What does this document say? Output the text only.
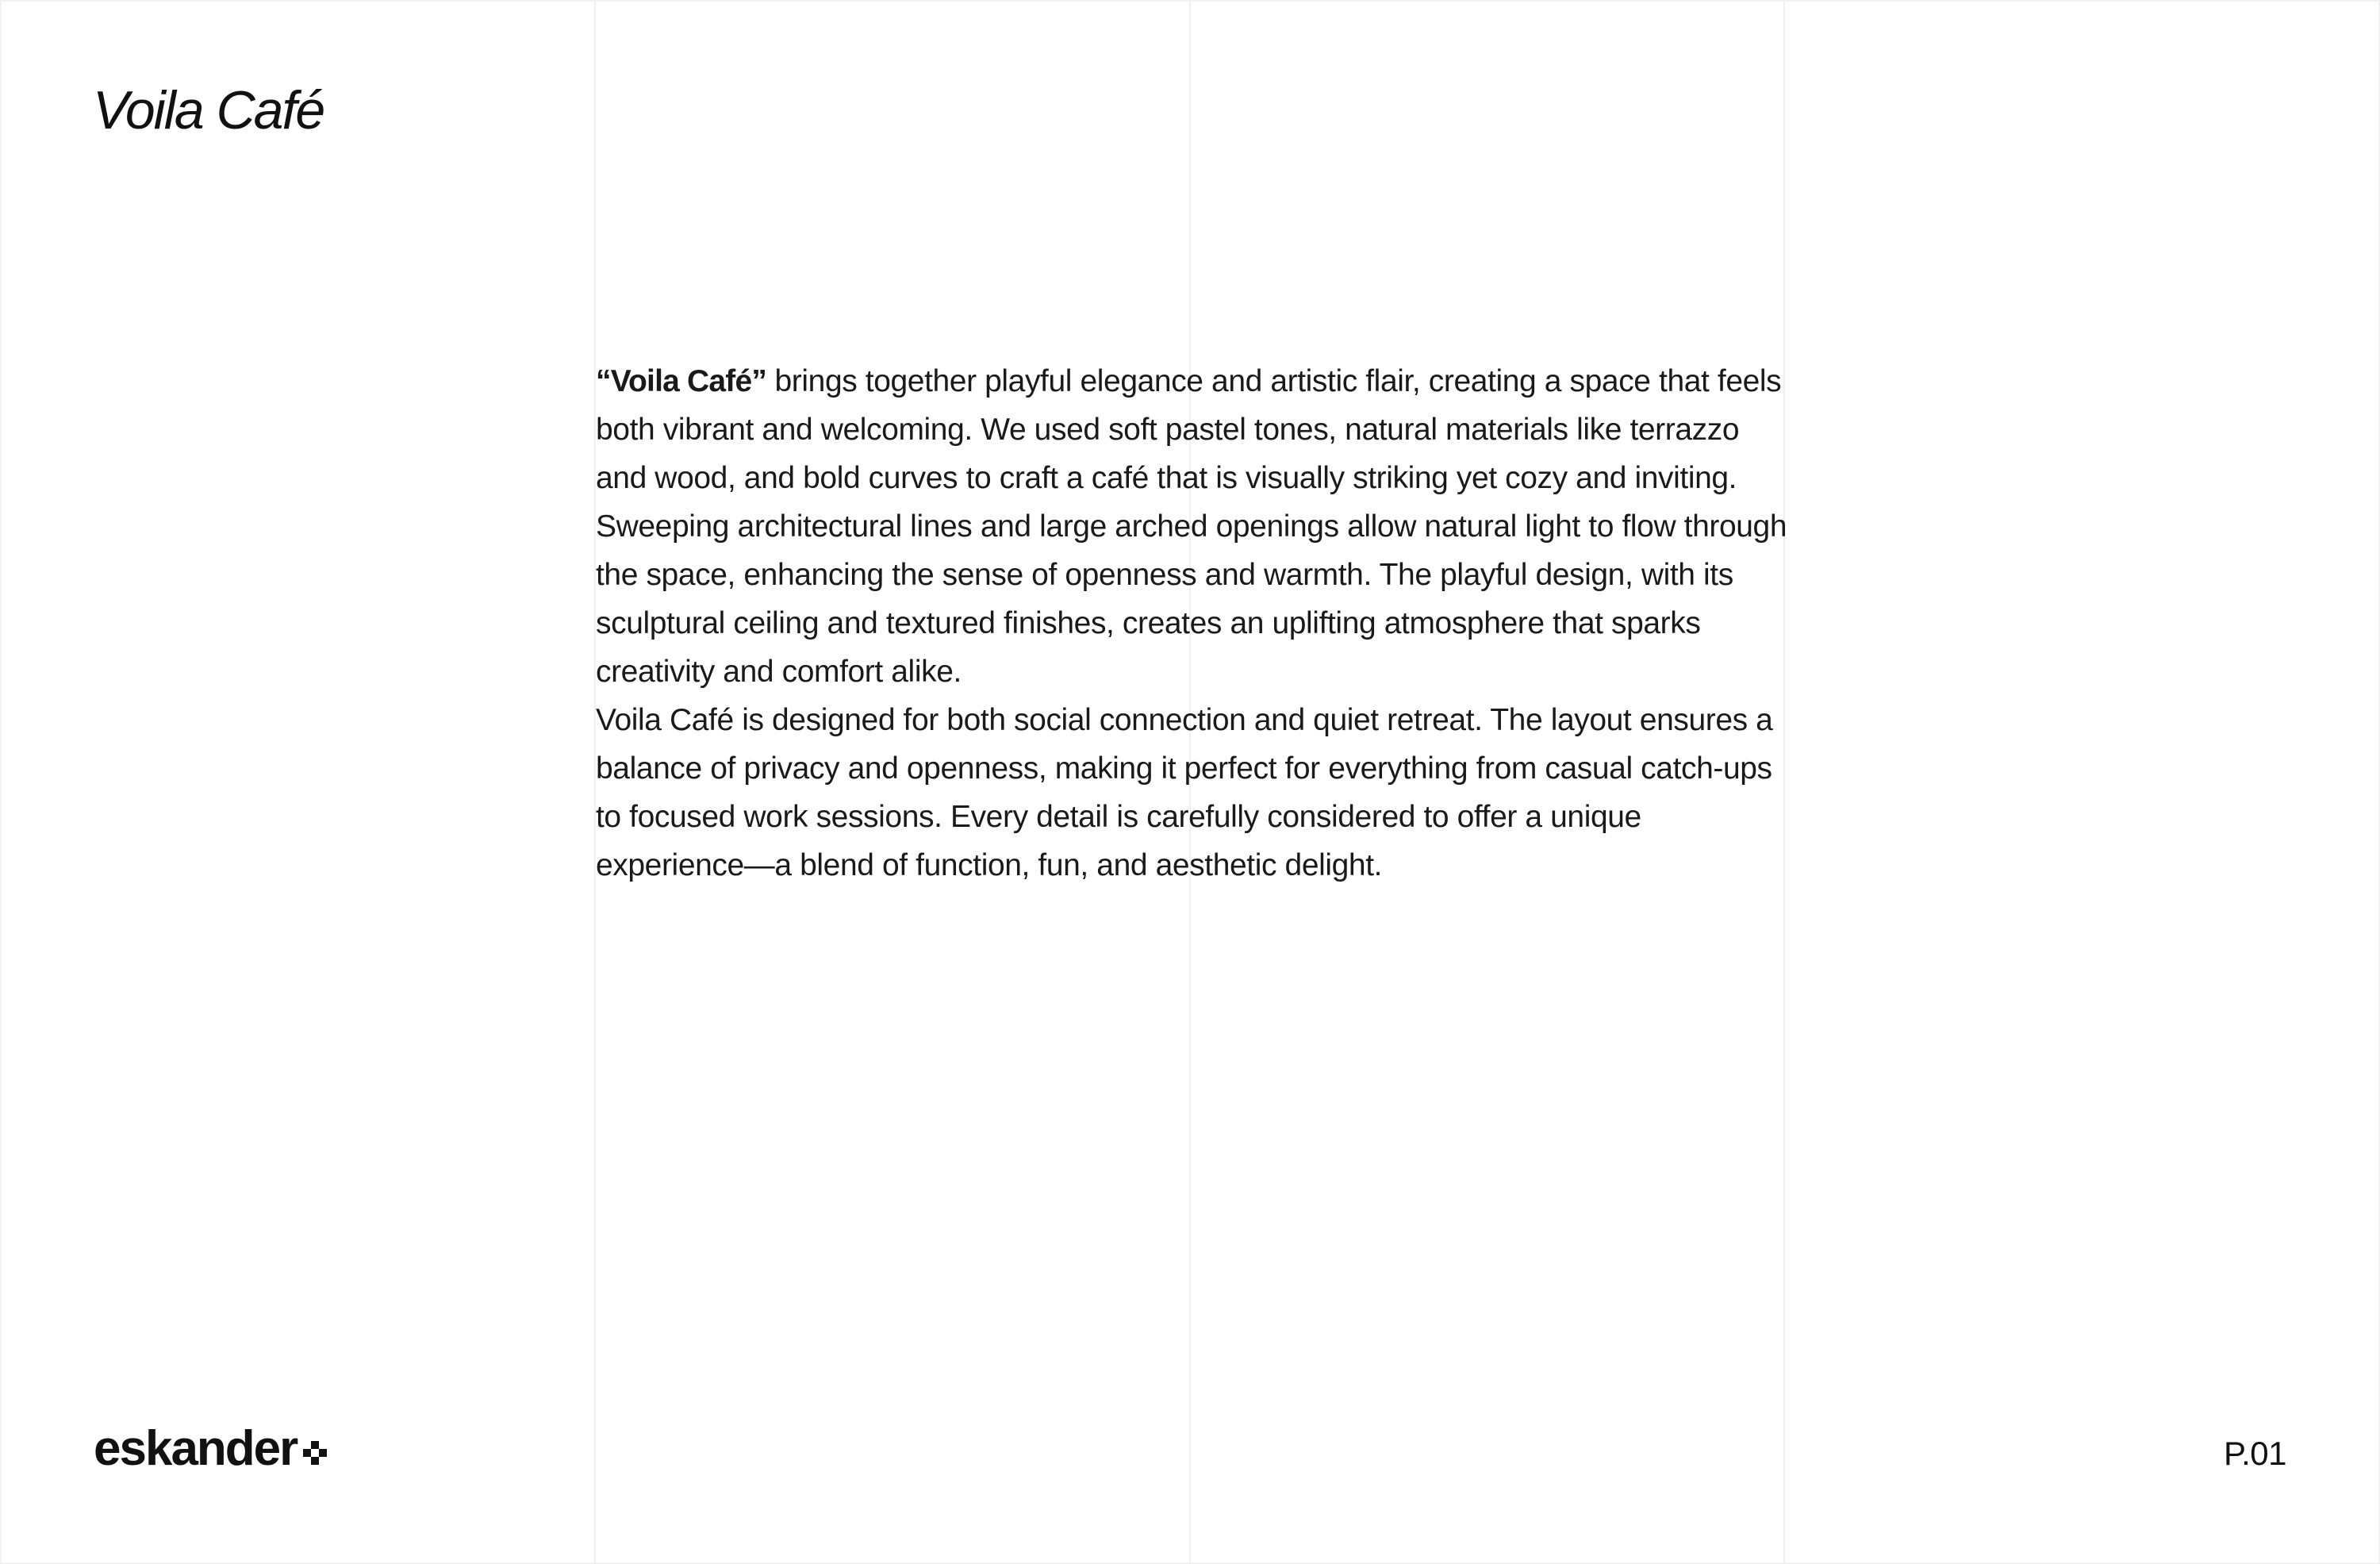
Voila Café

“Voila Café” brings together playful elegance and artistic flair, creating a space that feels both vibrant and welcoming. We used soft pastel tones, natural materials like terrazzo and wood, and bold curves to craft a café that is visually striking yet cozy and inviting.

Sweeping architectural lines and large arched openings allow natural light to flow through the space, enhancing the sense of openness and warmth. The playful design, with its sculptural ceiling and textured finishes, creates an uplifting atmosphere that sparks creativity and comfort alike.

Voila Café is designed for both social connection and quiet retreat. The layout ensures a balance of privacy and openness, making it perfect for everything from casual catch-ups to focused work sessions. Every detail is carefully considered to offer a unique experience—a blend of function, fun, and aesthetic delight.

eskander	P.01
